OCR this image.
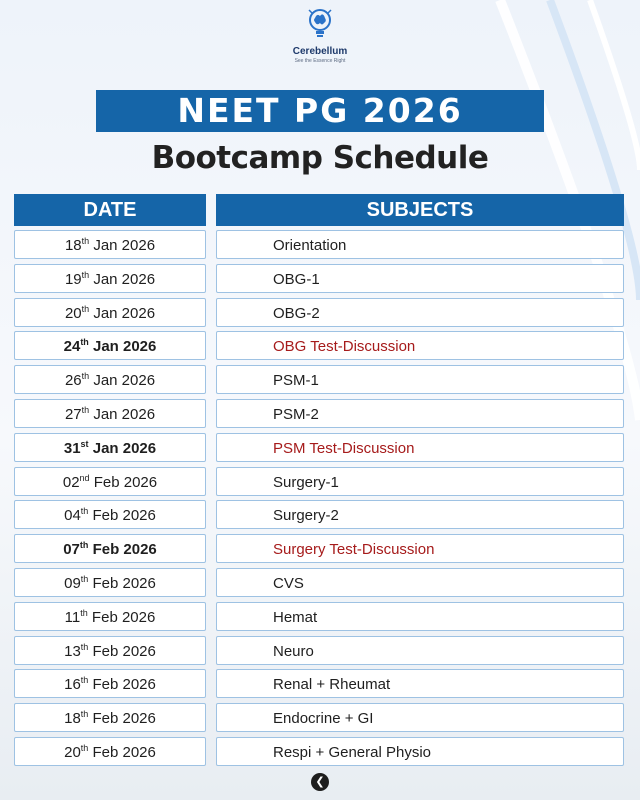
Cerebellum
See the Essence Right
NEET PG 2026
Bootcamp Schedule
DATE	SUBJECTS
18th Jan 2026	Orientation
19th Jan 2026	OBG-1
20th Jan 2026	OBG-2
24th Jan 2026	OBG Test-Discussion
26th Jan 2026	PSM-1
27th Jan 2026	PSM-2
31st Jan 2026	PSM Test-Discussion
02nd Feb 2026	Surgery-1
04th Feb 2026	Surgery-2
07th Feb 2026	Surgery Test-Discussion
09th Feb 2026	CVS
11th Feb 2026	Hemat
13th Feb 2026	Neuro
16th Feb 2026	Renal + Rheumat
18th Feb 2026	Endocrine + GI
20th Feb 2026	Respi + General Physio
❮
